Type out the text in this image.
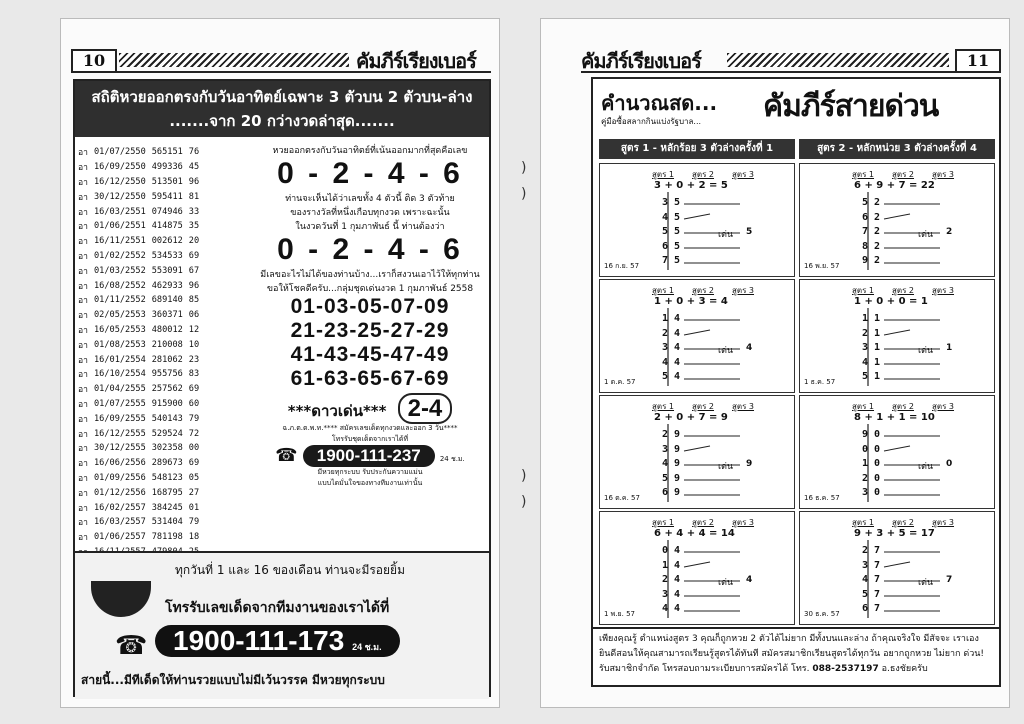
10	คัมภีร์เรียงเบอร์
สถิติหวยออกตรงกับวันอาทิตย์เฉพาะ 3 ตัวบน 2 ตัวบน-ล่าง
.......จาก 20 กว่างวดล่าสุด.......
อา	01/07/2550	565151	76
อา	16/09/2550	499336	45
อา	16/12/2550	513501	96
อา	30/12/2550	595411	81
อา	16/03/2551	074946	33
อา	01/06/2551	414875	35
อา	16/11/2551	002612	20
อา	01/02/2552	534533	69
อา	01/03/2552	553091	67
อา	16/08/2552	462933	96
อา	01/11/2552	689140	85
อา	02/05/2553	360371	06
อา	16/05/2553	480012	12
อา	01/08/2553	210008	10
อา	16/01/2554	281062	23
อา	16/10/2554	955756	83
อา	01/04/2555	257562	69
อา	01/07/2555	915900	60
อา	16/09/2555	540143	79
อา	16/12/2555	529524	72
อา	30/12/2555	302358	00
อา	16/06/2556	289673	69
อา	01/09/2556	548123	05
อา	01/12/2556	168795	27
อา	16/02/2557	384245	01
อา	16/03/2557	531404	79
อา	01/06/2557	781198	18

หวยออกตรงกับวันอาทิตย์ที่เน้นออกมากที่สุดคือเลข
0 - 2 - 4 - 6
ท่านจะเห็นได้ว่าเลขทั้ง 4 ตัวนี้ ติด 3 ตัวท้าย
ของรางวัลที่หนึ่งเกือบทุกงวด เพราะฉะนั้น
ในงวดวันที่ 1 กุมภาพันธ์ นี้ ท่านต้องว่า
0 - 2 - 4 - 6
มีเลขอะไรไม่ได้ของท่านบ้าง...เราก็สงวนเอาไว้ให้ทุกท่าน
ขอให้โชคดีครับ...กลุ่มชุดเด่นงวด 1 กุมภาพันธ์ 2558
01-03-05-07-09
21-23-25-27-29
41-43-45-47-49
61-63-65-67-69
***ดาวเด่น*** 2-4
ฉ.ภ.ต.ต.พ.ท.**** สมัครเลขเด็ดทุกงวดและออก 3 วัน****
โทรรับชุดเด็ดจากเราได้ที่
☎ 1900-111-237	24 ช.ม.
มีหวยทุกระบบ รับประกันความแม่น
แบบไดมั่นใจของทางทีมงานเท่านั้น
ทุกวันที่ 1 และ 16 ของเดือน ท่านจะมีรอยยิ้ม
โทรรับเลขเด็ดจากทีมงานของเราได้ที่
1900-111-173 24 ช.ม.
☎
สายนี้...มีทีเด็ดให้ท่านรวยแบบไม่มีเว้นวรรค มีหวยทุกระบบ
)
)
)
)
คัมภีร์เรียงเบอร์	11
คำนวณสด...
คู่มือซื้อสลากกินแบ่งรัฐบาล... คัมภีร์สายด่วน
สูตร 1 - หลักร้อย 3 ตัวล่างครั้งที่ 1	สูตร 2 - หลักหน่วย 3 ตัวล่างครั้งที่ 4
สูตร 1 สูตร 2 สูตร 3
3 + 0 + 2 = 5
3 5
4 5
5 5
6 5
7 5
เด่น 5
16 ก.ย. 57
สูตร 1 สูตร 2 สูตร 3
6 + 9 + 7 = 22
5 2
6 2
7 2
8 2
9 2
เด่น 2
16 พ.ย. 57
สูตร 1 สูตร 2 สูตร 3
1 + 0 + 3 = 4
1 4
2 4
3 4
4 4
5 4
เด่น 4
1 ต.ค. 57
สูตร 1 สูตร 2 สูตร 3
1 + 0 + 0 = 1
1 1
2 1
3 1
4 1
5 1
เด่น 1
1 ธ.ค. 57
สูตร 1 สูตร 2 สูตร 3
2 + 0 + 7 = 9
2 9
3 9
4 9
5 9
6 9
เด่น 9
16 ต.ค. 57
สูตร 1 สูตร 2 สูตร 3
8 + 1 + 1 = 10
9 0
0 0
1 0
2 0
3 0
เด่น 0
16 ธ.ค. 57
สูตร 1 สูตร 2 สูตร 3
6 + 4 + 4 = 14
0 4
1 4
2 4
3 4
4 4
เด่น 4
1 พ.ย. 57
สูตร 1 สูตร 2 สูตร 3
9 + 3 + 5 = 17
2 7
3 7
4 7
5 7
6 7
เด่น 7
30 ธ.ค. 57
เพียงคุณรู้ ตำแหน่งสูตร 3 คุณก็ถูกหวย 2 ตัวได้ไม่ยาก มีทั้งบนและล่าง ถ้าคุณจริงใจ มีสัจจะ เราเองยินดีสอนให้คุณสามารถเรียนรู้สูตรได้ทันที สมัครสมาชิกเรียนสูตรได้ทุกวัน อยากถูกหวย ไม่ยาก ด่วน! รับสมาชิกจำกัด โทรสอบถามระเบียบการสมัครได้ โทร. 088-2537197 อ.ธงชัยครับ
